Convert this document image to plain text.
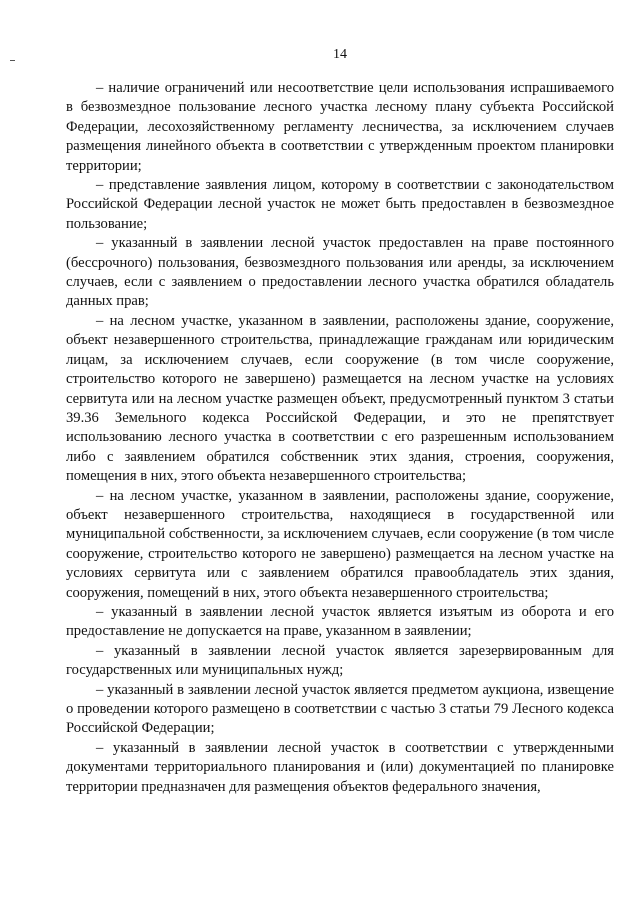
14

– наличие ограничений или несоответствие цели использования испрашиваемого в безвозмездное пользование лесного участка лесному плану субъекта Российской Федерации, лесохозяйственному регламенту лесничества, за исключением случаев размещения линейного объекта в соответствии с утвержденным проектом планировки территории;

– представление заявления лицом, которому в соответствии с законодательством Российской Федерации лесной участок не может быть предоставлен в безвозмездное пользование;

– указанный в заявлении лесной участок предоставлен на праве постоянного (бессрочного) пользования, безвозмездного пользования или аренды, за исключением случаев, если с заявлением о предоставлении лесного участка обратился обладатель данных прав;

– на лесном участке, указанном в заявлении, расположены здание, сооружение, объект незавершенного строительства, принадлежащие гражданам или юридическим лицам, за исключением случаев, если сооружение (в том числе сооружение, строительство которого не завершено) размещается на лесном участке на условиях сервитута или на лесном участке размещен объект, предусмотренный пунктом 3 статьи 39.36 Земельного кодекса Российской Федерации, и это не препятствует использованию лесного участка в соответствии с его разрешенным использованием либо с заявлением обратился собственник этих здания, строения, сооружения, помещения в них, этого объекта незавершенного строительства;

– на лесном участке, указанном в заявлении, расположены здание, сооружение, объект незавершенного строительства, находящиеся в государственной или муниципальной собственности, за исключением случаев, если сооружение (в том числе сооружение, строительство которого не завершено) размещается на лесном участке на условиях сервитута или с заявлением обратился правообладатель этих здания, сооружения, помещений в них, этого объекта незавершенного строительства;

– указанный в заявлении лесной участок является изъятым из оборота и его предоставление не допускается на праве, указанном в заявлении;

– указанный в заявлении лесной участок является зарезервированным для государственных или муниципальных нужд;

– указанный в заявлении лесной участок является предметом аукциона, извещение о проведении которого размещено в соответствии с частью 3 статьи 79 Лесного кодекса Российской Федерации;

– указанный в заявлении лесной участок в соответствии с утвержденными документами территориального планирования и (или) документацией по планировке территории предназначен для размещения объектов федерального значения,
